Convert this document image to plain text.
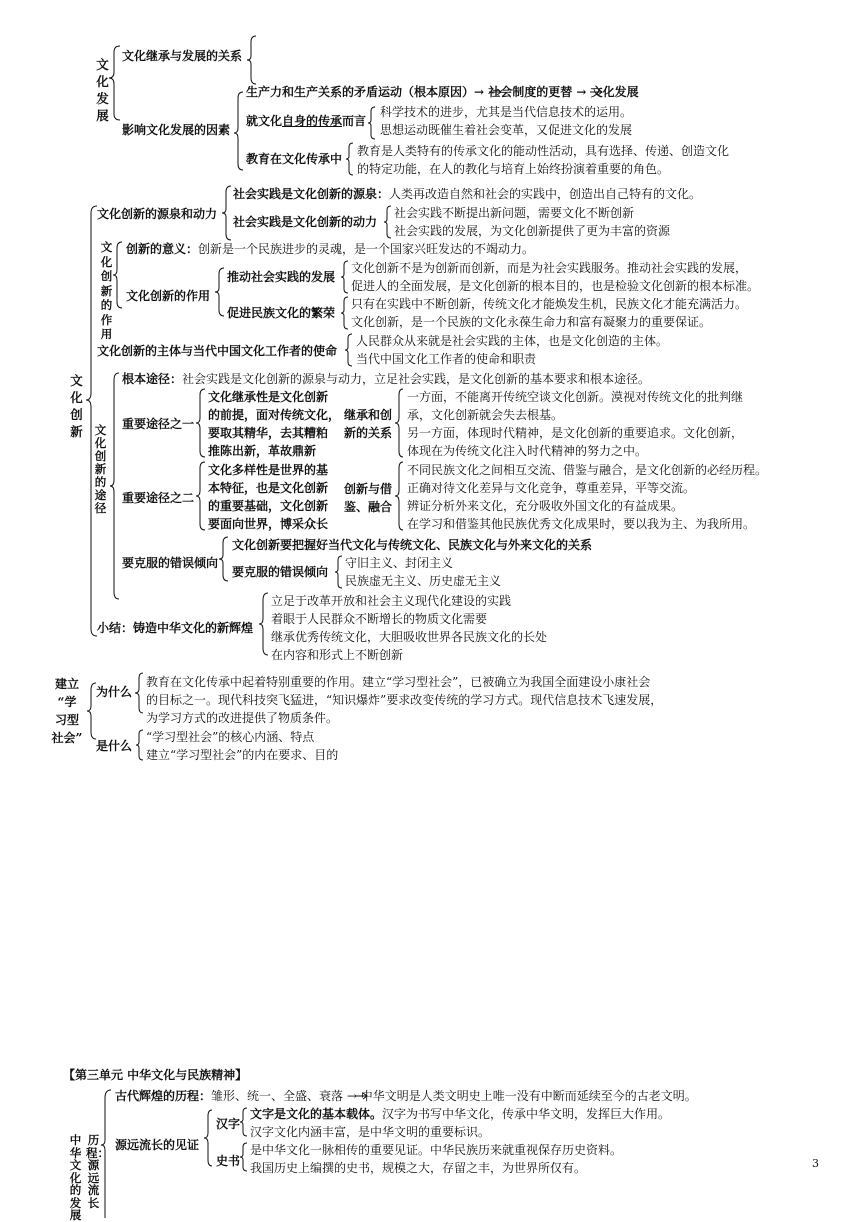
文化发展
文化继承与发展的关系
影响文化发展的因素
生产力和生产关系的矛盾运动（根本原因）→ 社会制度的更替 → 文化发展
就文化自身的传承而言
科学技术的进步，尤其是当代信息技术的运用。
思想运动既催生着社会变革，又促进文化的发展
教育在文化传承中
教育是人类特有的传承文化的能动性活动，具有选择、传递、创造文化
的特定功能，在人的教化与培育上始终扮演着重要的角色。
文化创新
文化创新的源泉和动力
社会实践是文化创新的源泉：人类再改造自然和社会的实践中，创造出自己特有的文化。
社会实践是文化创新的动力
社会实践不断提出新问题，需要文化不断创新
社会实践的发展，为文化创新提供了更为丰富的资源
文化创新的作用
创新的意义：创新是一个民族进步的灵魂，是一个国家兴旺发达的不竭动力。
文化创新的作用
推动社会实践的发展
文化创新不是为创新而创新，而是为社会实践服务。推动社会实践的发展，
促进人的全面发展，是文化创新的根本目的，也是检验文化创新的根本标准。
促进民族文化的繁荣
只有在实践中不断创新，传统文化才能焕发生机，民族文化才能充满活力。
文化创新，是一个民族的文化永葆生命力和富有凝聚力的重要保证。
文化创新的主体与当代中国文化工作者的使命
人民群众从来就是社会实践的主体，也是文化创造的主体。
当代中国文化工作者的使命和职责
文化创新的途径
根本途径：社会实践是文化创新的源泉与动力，立足社会实践，是文化创新的基本要求和根本途径。
重要途径之一
文化继承性是文化创新
的前提，面对传统文化，
要取其精华，去其糟粕
推陈出新，革故鼎新
继承和创
新的关系
一方面，不能离开传统空谈文化创新。漠视对传统文化的批判继
承，文化创新就会失去根基。
另一方面，体现时代精神，是文化创新的重要追求。文化创新，
体现在为传统文化注入时代精神的努力之中。
重要途径之二
文化多样性是世界的基
本特征，也是文化创新
的重要基础，文化创新
要面向世界，博采众长
创新与借
鉴、融合
不同民族文化之间相互交流、借鉴与融合，是文化创新的必经历程。
正确对待文化差异与文化竞争，尊重差异，平等交流。
辨证分析外来文化，充分吸收外国文化的有益成果。
在学习和借鉴其他民族优秀文化成果时，要以我为主、为我所用。
要克服的错误倾向
文化创新要把握好当代文化与传统文化、民族文化与外来文化的关系
要克服的错误倾向
守旧主义、封闭主义
民族虚无主义、历史虚无主义
小结：铸造中华文化的新辉煌
立足于改革开放和社会主义现代化建设的实践
着眼于人民群众不断增长的物质文化需要
继承优秀传统文化，大胆吸收世界各民族文化的长处
在内容和形式上不断创新
建立
“学
习型
社会”
为什么
教育在文化传承中起着特别重要的作用。建立“学习型社会”，已被确立为我国全面建设小康社会
的目标之一。现代科技突飞猛进，“知识爆炸”要求改变传统的学习方式。现代信息技术飞速发展，
为学习方式的改进提供了物质条件。
是什么
“学习型社会”的核心内涵、特点
建立“学习型社会”的内在要求、目的
【第三单元 中华文化与民族精神】
中华文化的发展
历程：源远流长
古代辉煌的历程：雏形、统一、全盛、衰落 → 中华文明是人类文明史上唯一没有中断而延续至今的古老文明。
源远流长的见证
汉字
文字是文化的基本载体。汉字为书写中华文化，传承中华文明，发挥巨大作用。
汉字文化内涵丰富，是中华文明的重要标识。
史书
是中华文化一脉相传的重要见证。中华民族历来就重视保存历史资料。
我国历史上编撰的史书，规模之大，存留之丰，为世界所仅有。	3
